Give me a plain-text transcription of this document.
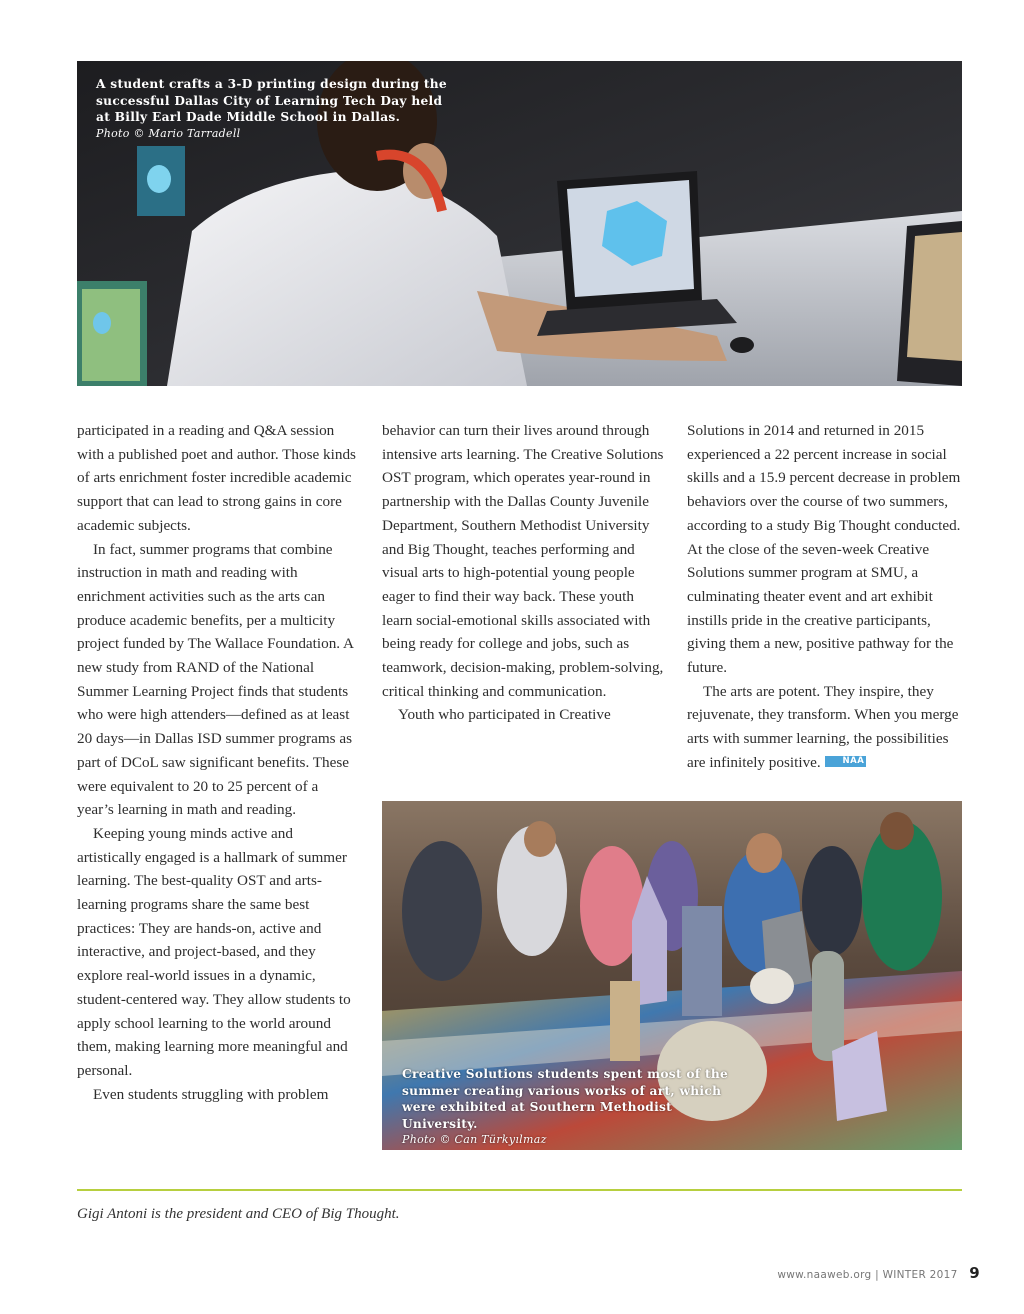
A student crafts a 3-D printing design during the successful Dallas City of Learning Tech Day held at Billy Earl Dade Middle School in Dallas.
Photo © Mario Tarradell

participated in a reading and Q&A session with a published poet and author. Those kinds of arts enrichment foster incredible academic support that can lead to strong gains in core academic subjects.

In fact, summer programs that combine instruction in math and reading with enrichment activities such as the arts can produce academic benefits, per a multicity project funded by The Wallace Foundation. A new study from RAND of the National Summer Learning Project finds that students who were high attenders—defined as at least 20 days—in Dallas ISD summer programs as part of DCoL saw significant benefits. These were equivalent to 20 to 25 percent of a year’s learning in math and reading.

Keeping young minds active and artistically engaged is a hallmark of summer learning. The best-quality OST and arts-learning programs share the same best practices: They are hands-on, active and interactive, and project-based, and they explore real-world issues in a dynamic, student-centered way. They allow students to apply school learning to the world around them, making learning more meaningful and personal.

Even students struggling with problem

behavior can turn their lives around through intensive arts learning. The Creative Solutions OST program, which operates year-round in partnership with the Dallas County Juvenile Department, Southern Methodist University and Big Thought, teaches performing and visual arts to high-potential young people eager to find their way back. These youth learn social-emotional skills associated with being ready for college and jobs, such as teamwork, decision-making, problem-solving, critical thinking and communication.

Youth who participated in Creative

Solutions in 2014 and returned in 2015 experienced a 22 percent increase in social skills and a 15.9 percent decrease in problem behaviors over the course of two summers, according to a study Big Thought conducted. At the close of the seven-week Creative Solutions summer program at SMU, a culminating theater event and art exhibit instills pride in the creative participants, giving them a new, positive pathway for the future.

The arts are potent. They inspire, they rejuvenate, they transform. When you merge arts with summer learning, the possibilities are infinitely positive.	NAA

Creative Solutions students spent most of the summer creating various works of art, which were exhibited at Southern Methodist University.
Photo © Can Türkyılmaz
Gigi Antoni is the president and CEO of Big Thought.
www.naaweb.org | WINTER 2017 9
